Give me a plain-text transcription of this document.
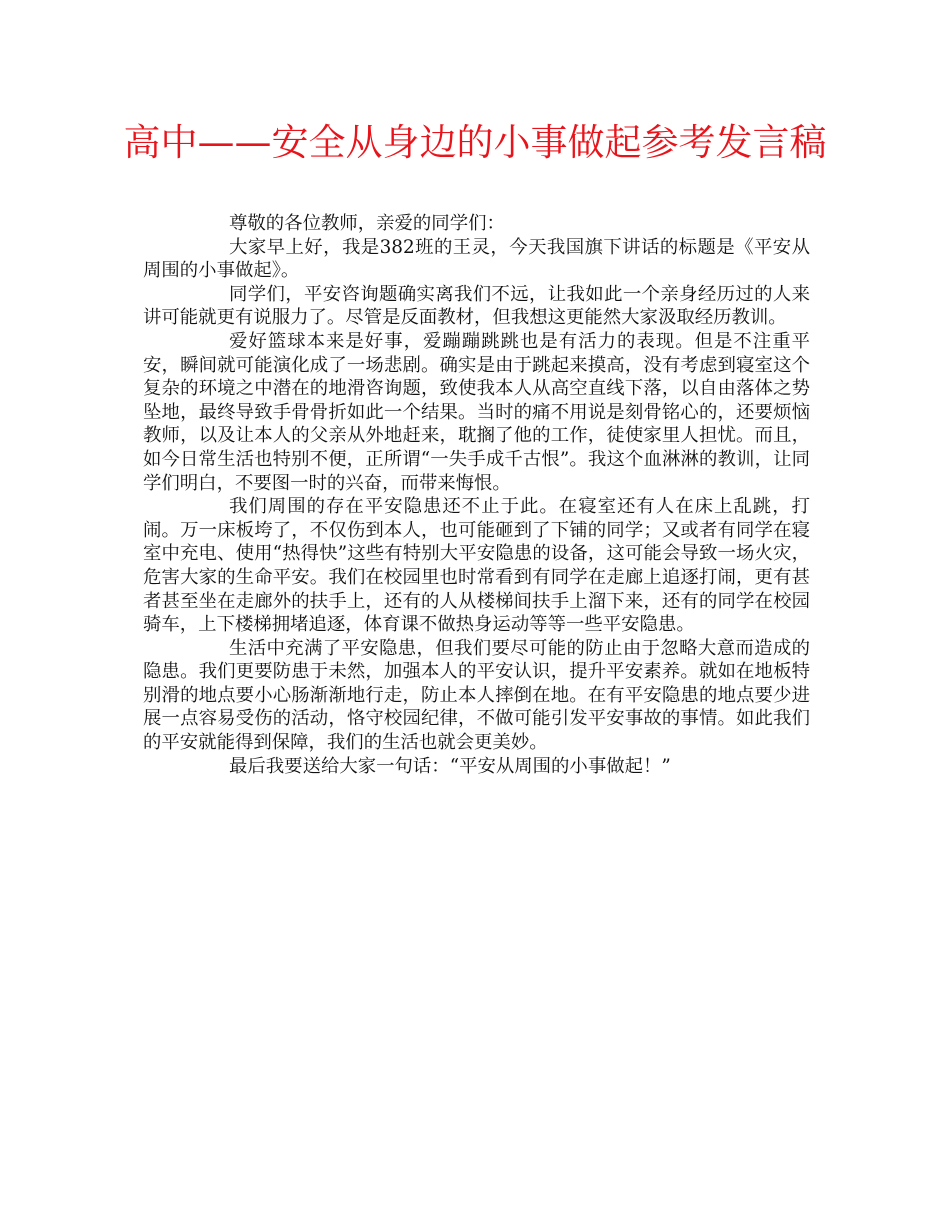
高中——安全从身边的小事做起参考发言稿

尊敬的各位教师，亲爱的同学们：

大家早上好，我是382班的王灵，今天我国旗下讲话的标题是《平安从周围的小事做起》。

同学们，平安咨询题确实离我们不远，让我如此一个亲身经历过的人来讲可能就更有说服力了。尽管是反面教材，但我想这更能然大家汲取经历教训。

爱好篮球本来是好事，爱蹦蹦跳跳也是有活力的表现。但是不注重平安，瞬间就可能演化成了一场悲剧。确实是由于跳起来摸高，没有考虑到寝室这个复杂的环境之中潜在的地滑咨询题，致使我本人从高空直线下落，以自由落体之势坠地，最终导致手骨骨折如此一个结果。当时的痛不用说是刻骨铭心的，还要烦恼教师，以及让本人的父亲从外地赶来，耽搁了他的工作，徒使家里人担忧。而且，如今日常生活也特别不便，正所谓“一失手成千古恨”。我这个血淋淋的教训，让同学们明白，不要图一时的兴奋，而带来悔恨。

我们周围的存在平安隐患还不止于此。在寝室还有人在床上乱跳，打闹。万一床板垮了，不仅伤到本人，也可能砸到了下铺的同学；又或者有同学在寝室中充电、使用“热得快”这些有特别大平安隐患的设备，这可能会导致一场火灾，危害大家的生命平安。我们在校园里也时常看到有同学在走廊上追逐打闹，更有甚者甚至坐在走廊外的扶手上，还有的人从楼梯间扶手上溜下来，还有的同学在校园骑车，上下楼梯拥堵追逐，体育课不做热身运动等等一些平安隐患。

生活中充满了平安隐患，但我们要尽可能的防止由于忽略大意而造成的隐患。我们更要防患于未然，加强本人的平安认识，提升平安素养。就如在地板特别滑的地点要小心肠渐渐地行走，防止本人摔倒在地。在有平安隐患的地点要少进展一点容易受伤的活动，恪守校园纪律，不做可能引发平安事故的事情。如此我们的平安就能得到保障，我们的生活也就会更美妙。

最后我要送给大家一句话：“平安从周围的小事做起！”
